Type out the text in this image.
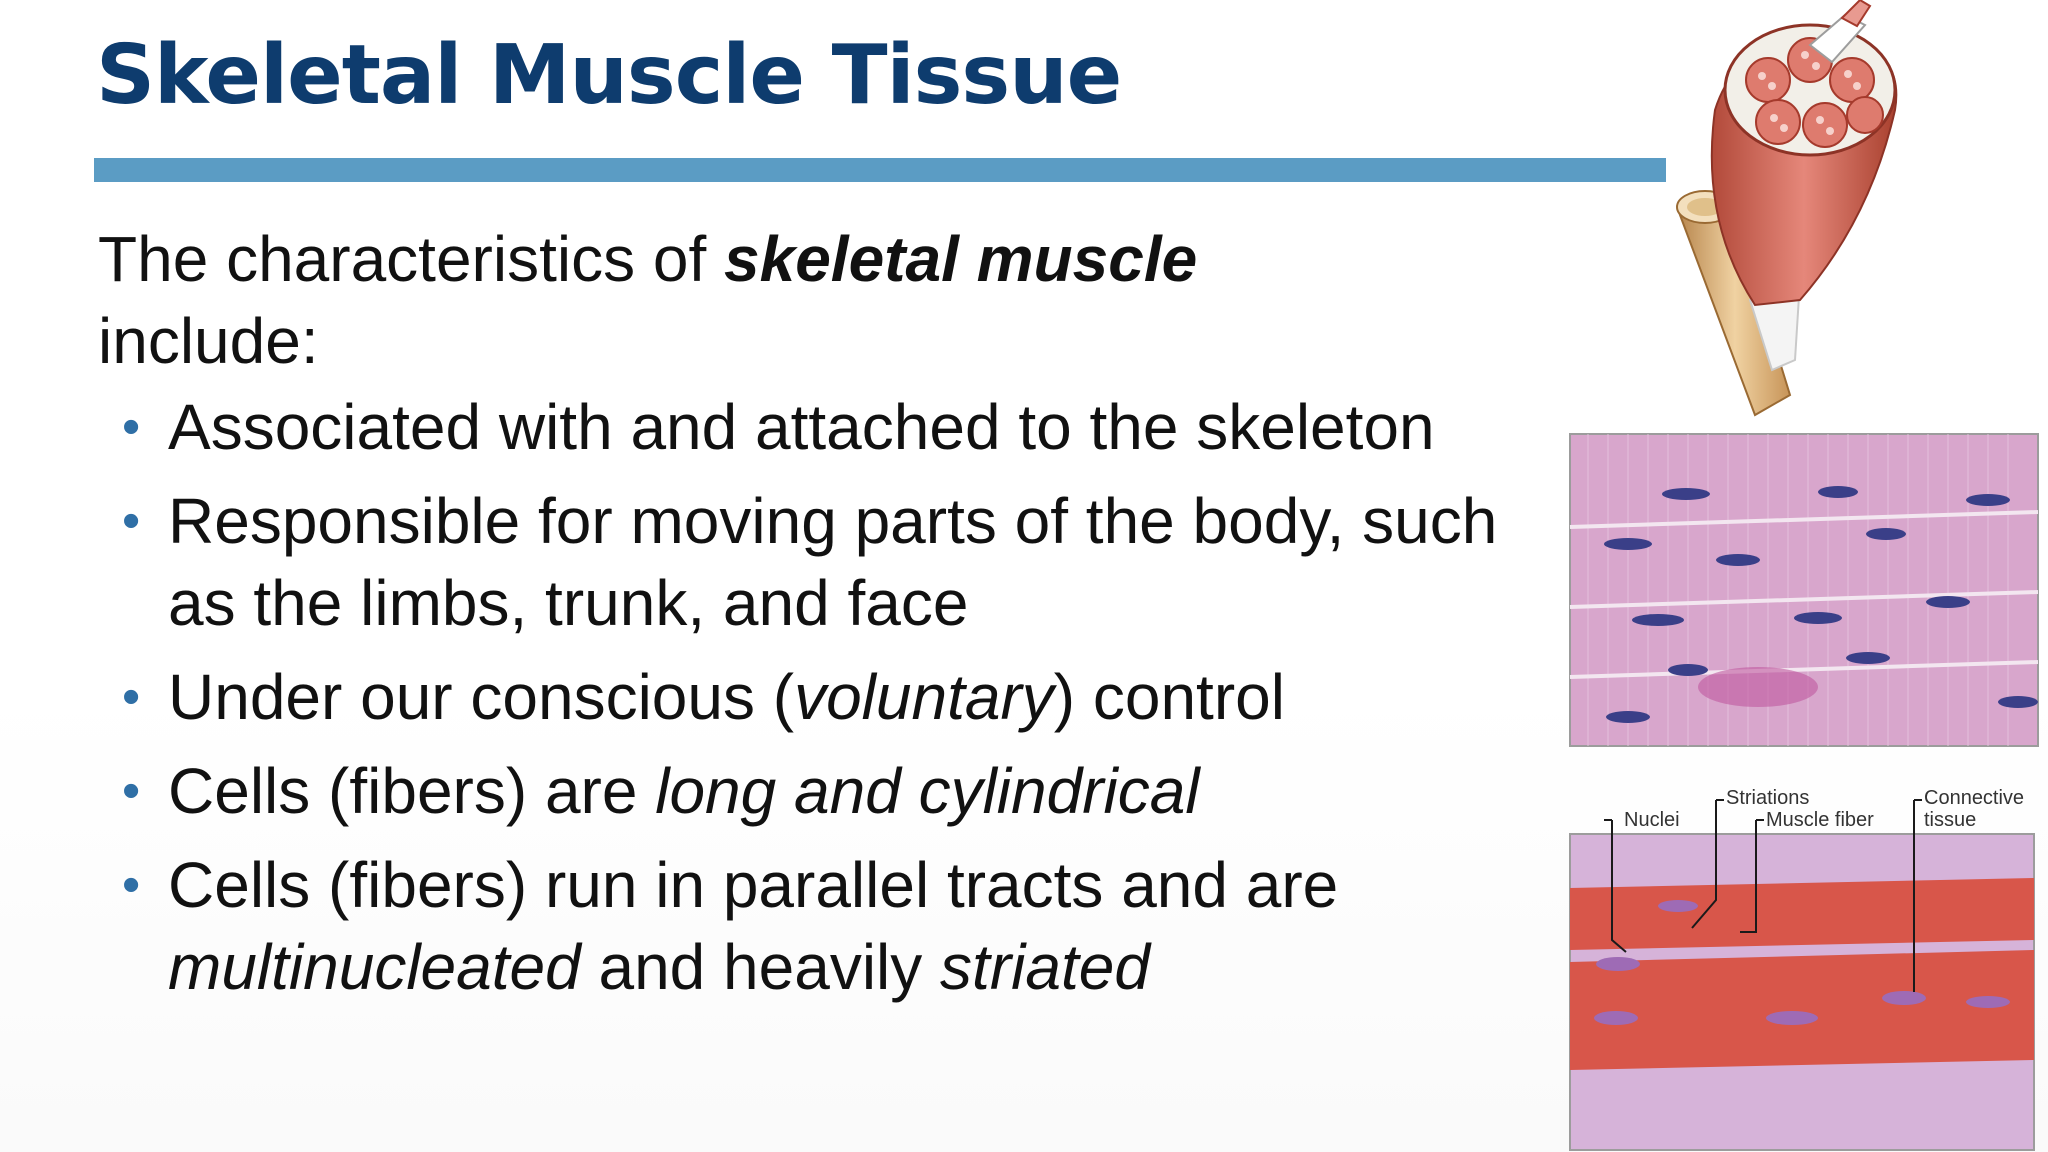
Skeletal Muscle Tissue

The characteristics of skeletal muscle
include:

• Associated with and attached to the skeleton
• Responsible for moving parts of the body, such as the limbs, trunk, and face
• Under our conscious (voluntary) control
• Cells (fibers) are long and cylindrical
• Cells (fibers) run in parallel tracts and are multinucleated and heavily striated
Nuclei
Striations
Muscle fiber
Connective
tissue
